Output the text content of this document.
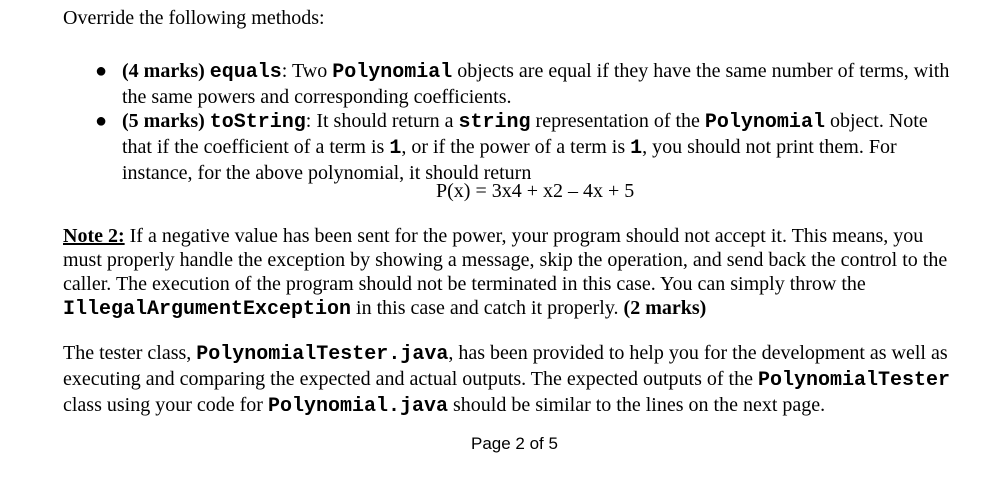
Override the following methods:
● (4 marks) equals: Two Polynomial objects are equal if they have the same number of terms, with
the same powers and corresponding coefficients.
● (5 marks) toString: It should return a string representation of the Polynomial object. Note
that if the coefficient of a term is 1, or if the power of a term is 1, you should not print them. For
instance, for the above polynomial, it should return
P(x) = 3x4 + x2 – 4x + 5
Note 2: If a negative value has been sent for the power, your program should not accept it. This means, you
must properly handle the exception by showing a message, skip the operation, and send back the control to the
caller. The execution of the program should not be terminated in this case. You can simply throw the
IllegalArgumentException in this case and catch it properly. (2 marks)
The tester class, PolynomialTester.java, has been provided to help you for the development as well as
executing and comparing the expected and actual outputs. The expected outputs of the PolynomialTester
class using your code for Polynomial.java should be similar to the lines on the next page.
Page 2 of 5
